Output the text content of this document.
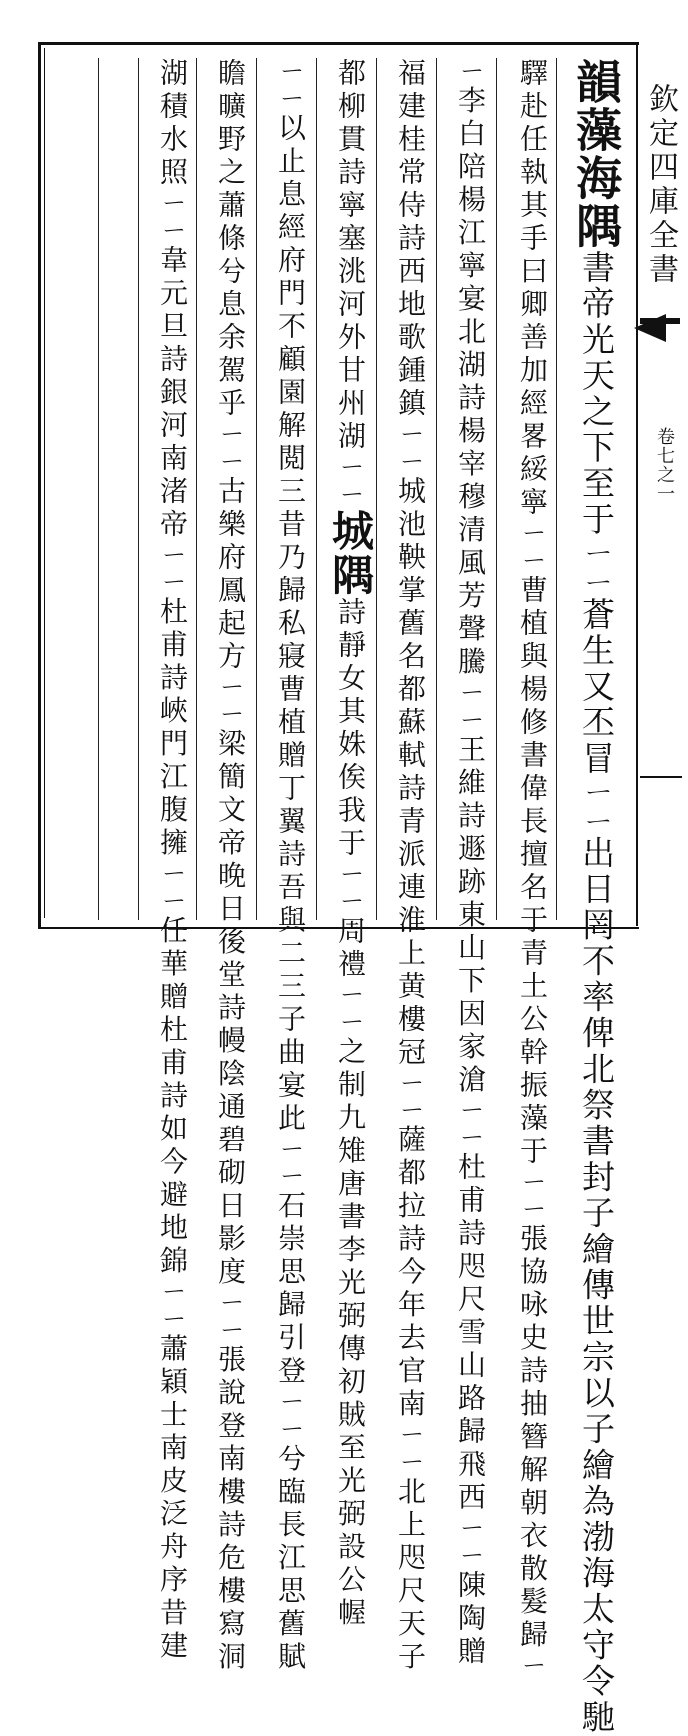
欽定四庫全書
卷七之一
韻藻海隅書帝光天之下至于ㄧㄧ蒼生又丕冒ㄧㄧ出日罔不率俾北祭書封子繪傳世宗以子繪為渤海太守令馳
驛赴任執其手曰卿善加經畧綏寧ㄧㄧ曹植與楊修書偉長擅名于青土公幹振藻于ㄧㄧ張協咏史詩抽簪解朝衣散髮歸ㄧ
ㄧ李白陪楊江寧宴北湖詩楊宰穆清風芳聲騰ㄧㄧ王維詩遯跡東山下因家滄ㄧㄧ杜甫詩咫尺雪山路歸飛西ㄧㄧ陳陶贈
福建桂常侍詩西地歌鍾鎮ㄧㄧ城池鞅掌舊名都蘇軾詩青派連淮上黄樓冠ㄧㄧ薩都拉詩今年去官南ㄧㄧ北上咫尺天子
都柳貫詩寧塞洮河外甘州湖ㄧㄧ城隅詩靜女其姝俟我于ㄧㄧ周禮ㄧㄧ之制九雉唐書李光弼傳初賊至光弼設公幄
ㄧㄧ以止息經府門不顧園解閲三昔乃歸私寢曹植贈丁翼詩吾與二三子曲宴此ㄧㄧ石崇思歸引登ㄧㄧ兮臨長江思舊賦
瞻曠野之蕭條兮息余駕乎ㄧㄧ古樂府鳳起方ㄧㄧ梁簡文帝晚日後堂詩幔陰通碧砌日影度ㄧㄧ張說登南樓詩危樓寫洞
湖積水照ㄧㄧ韋元旦詩銀河南渚帝ㄧㄧ杜甫詩峽門江腹擁ㄧㄧ任華贈杜甫詩如今避地錦ㄧㄧ蕭穎士南皮泛舟序昔建
